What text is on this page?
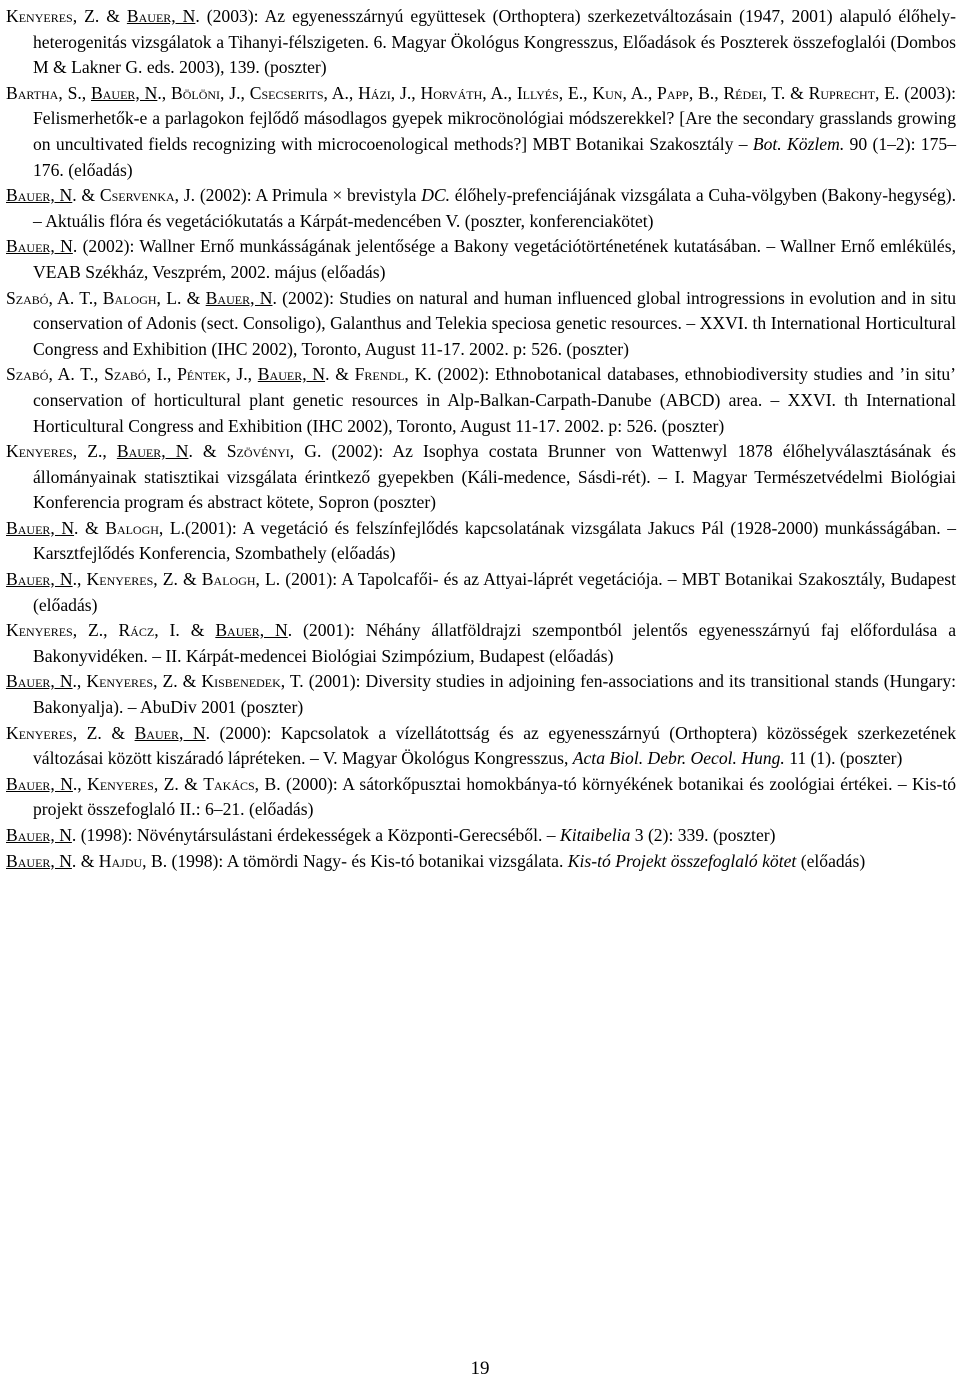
Kenyeres, Z. & Bauer, N. (2003): Az egyenesszárnyú együttesek (Orthoptera) szerkezetváltozásain (1947, 2001) alapuló élőhely-heterogenitás vizsgálatok a Tihanyi-félszigeten. 6. Magyar Ökológus Kongresszus, Előadások és Poszterek összefoglalói (Dombos M & Lakner G. eds. 2003), 139. (poszter)

Bartha, S., Bauer, N., Bölöni, J., Csecserits, A., Házi, J., Horváth, A., Illyés, E., Kun, A., Papp, B., Rédei, T. & Ruprecht, E. (2003): Felismerhetők-e a parlagokon fejlődő másodlagos gyepek mikrocönológiai módszerekkel? [Are the secondary grasslands growing on uncultivated fields recognizing with microcoenological methods?] MBT Botanikai Szakosztály – Bot. Közlem. 90 (1–2): 175–176. (előadás)

Bauer, N. & Cservenka, J. (2002): A Primula × brevistyla DC. élőhely-prefenciájának vizsgálata a Cuha-völgyben (Bakony-hegység). – Aktuális flóra és vegetációkutatás a Kárpát-medencében V. (poszter, konferenciakötet)

Bauer, N. (2002): Wallner Ernő munkásságának jelentősége a Bakony vegetációtörténetének kutatásában. – Wallner Ernő emlékülés, VEAB Székház, Veszprém, 2002. május (előadás)

Szabó, A. T., Balogh, L. & Bauer, N. (2002): Studies on natural and human influenced global introgressions in evolution and in situ conservation of Adonis (sect. Consoligo), Galanthus and Telekia speciosa genetic resources. – XXVI. th International Horticultural Congress and Exhibition (IHC 2002), Toronto, August 11-17. 2002. p: 526. (poszter)

Szabó, A. T., Szabó, I., Péntek, J., Bauer, N. & Frendl, K. (2002): Ethnobotanical databases, ethnobiodiversity studies and ’in situ’ conservation of horticultural plant genetic resources in Alp-Balkan-Carpath-Danube (ABCD) area. – XXVI. th International Horticultural Congress and Exhibition (IHC 2002), Toronto, August 11-17. 2002. p: 526. (poszter)

Kenyeres, Z., Bauer, N. & Szövényi, G. (2002): Az Isophya costata Brunner von Wattenwyl 1878 élőhelyválasztásának és állományainak statisztikai vizsgálata érintkező gyepekben (Káli-medence, Sásdi-rét). – I. Magyar Természetvédelmi Biológiai Konferencia program és abstract kötete, Sopron (poszter)

Bauer, N. & Balogh, L.(2001): A vegetáció és felszínfejlődés kapcsolatának vizsgálata Jakucs Pál (1928-2000) munkásságában. – Karsztfejlődés Konferencia, Szombathely (előadás)

Bauer, N., Kenyeres, Z. & Balogh, L. (2001): A Tapolcafői- és az Attyai-láprét vegetációja. – MBT Botanikai Szakosztály, Budapest (előadás)

Kenyeres, Z., Rácz, I. & Bauer, N. (2001): Néhány állatföldrajzi szempontból jelentős egyenesszárnyú faj előfordulása a Bakonyvidéken. – II. Kárpát-medencei Biológiai Szimpózium, Budapest (előadás)

Bauer, N., Kenyeres, Z. & Kisbenedek, T. (2001): Diversity studies in adjoining fen-associations and its transitional stands (Hungary: Bakonyalja). – AbuDiv 2001 (poszter)

Kenyeres, Z. & Bauer, N. (2000): Kapcsolatok a vízellátottság és az egyenesszárnyú (Orthoptera) közösségek szerkezetének változásai között kiszáradó lápréteken. – V. Magyar Ökológus Kongresszus, Acta Biol. Debr. Oecol. Hung. 11 (1). (poszter)

Bauer, N., Kenyeres, Z. & Takács, B. (2000): A sátorkőpusztai homokbánya-tó környékének botanikai és zoológiai értékei. – Kis-tó projekt összefoglaló II.: 6–21. (előadás)

Bauer, N. (1998): Növénytársulástani érdekességek a Központi-Gerecséből. – Kitaibelia 3 (2): 339. (poszter)

Bauer, N. & Hajdu, B. (1998): A tömördi Nagy- és Kis-tó botanikai vizsgálata. Kis-tó Projekt összefoglaló kötet (előadás)

19
